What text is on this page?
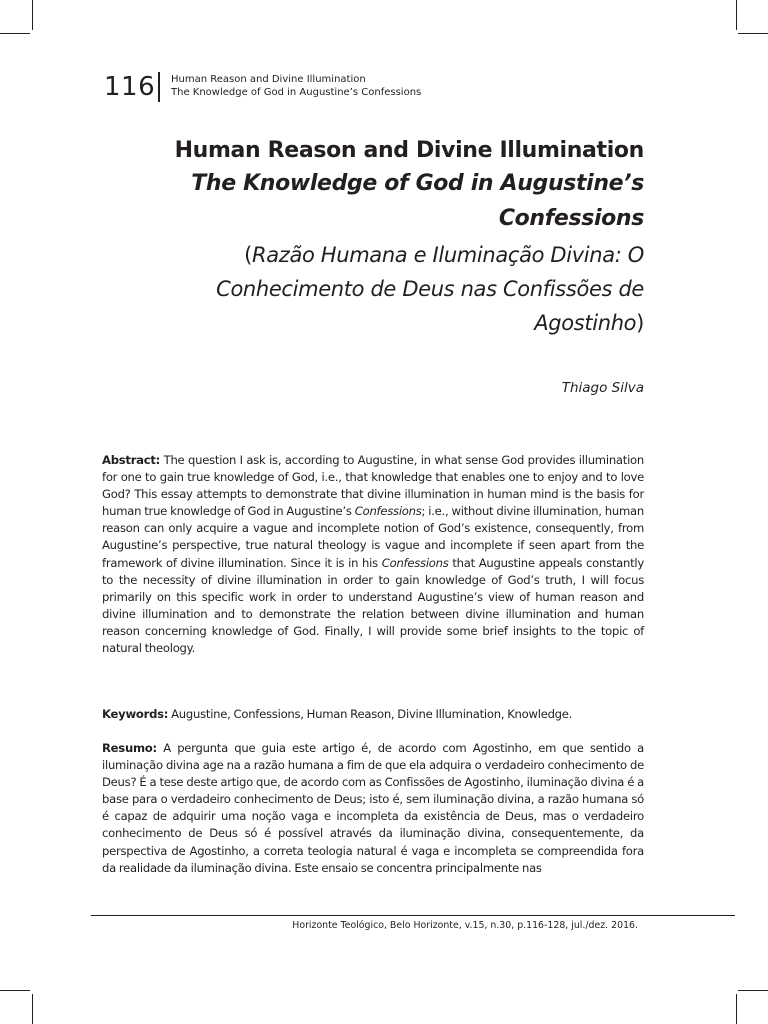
116 Human Reason and Divine Illumination
The Knowledge of God in Augustine’s Confessions
Human Reason and Divine Illumination
The Knowledge of God in Augustine’s
Confessions
(Razão Humana e Iluminação Divina: O
Conhecimento de Deus nas Confissões de
Agostinho)
Thiago Silva
Abstract: The question I ask is, according to Augustine, in what sense God provides illumination for one to gain true knowledge of God, i.e., that knowledge that enables one to enjoy and to love God? This essay attempts to demonstrate that divine illumination in human mind is the basis for human true knowledge of God in Augustine’s Confessions; i.e., without divine illumination, human reason can only acquire a vague and incomplete notion of God’s existence, consequently, from Augustine’s perspective, true natural theology is vague and incomplete if seen apart from the framework of divine illumination. Since it is in his Confessions that Augustine appeals constantly to the necessity of divine illumination in order to gain knowledge of God’s truth, I will focus primarily on this specific work in order to understand Augustine’s view of human reason and divine illumination and to demonstrate the relation between divine illumination and human reason concerning knowledge of God. Finally, I will provide some brief insights to the topic of natural theology.
Keywords: Augustine, Confessions, Human Reason, Divine Illumination, Knowledge.
Resumo: A pergunta que guia este artigo é, de acordo com Agostinho, em que sentido a iluminação divina age na a razão humana a fim de que ela adquira o verdadeiro conhecimento de Deus? É a tese deste artigo que, de acordo com as Confissões de Agostinho, iluminação divina é a base para o verdadeiro conhecimento de Deus; isto é, sem iluminação divina, a razão humana só é capaz de adquirir uma noção vaga e incompleta da existência de Deus, mas o verdadeiro conhecimento de Deus só é possível através da iluminação divina, consequentemente, da perspectiva de Agostinho, a correta teologia natural é vaga e incompleta se compreendida fora da realidade da iluminação divina. Este ensaio se concentra principalmente nas
Horizonte Teológico, Belo Horizonte, v.15, n.30, p.116-128, jul./dez. 2016.
